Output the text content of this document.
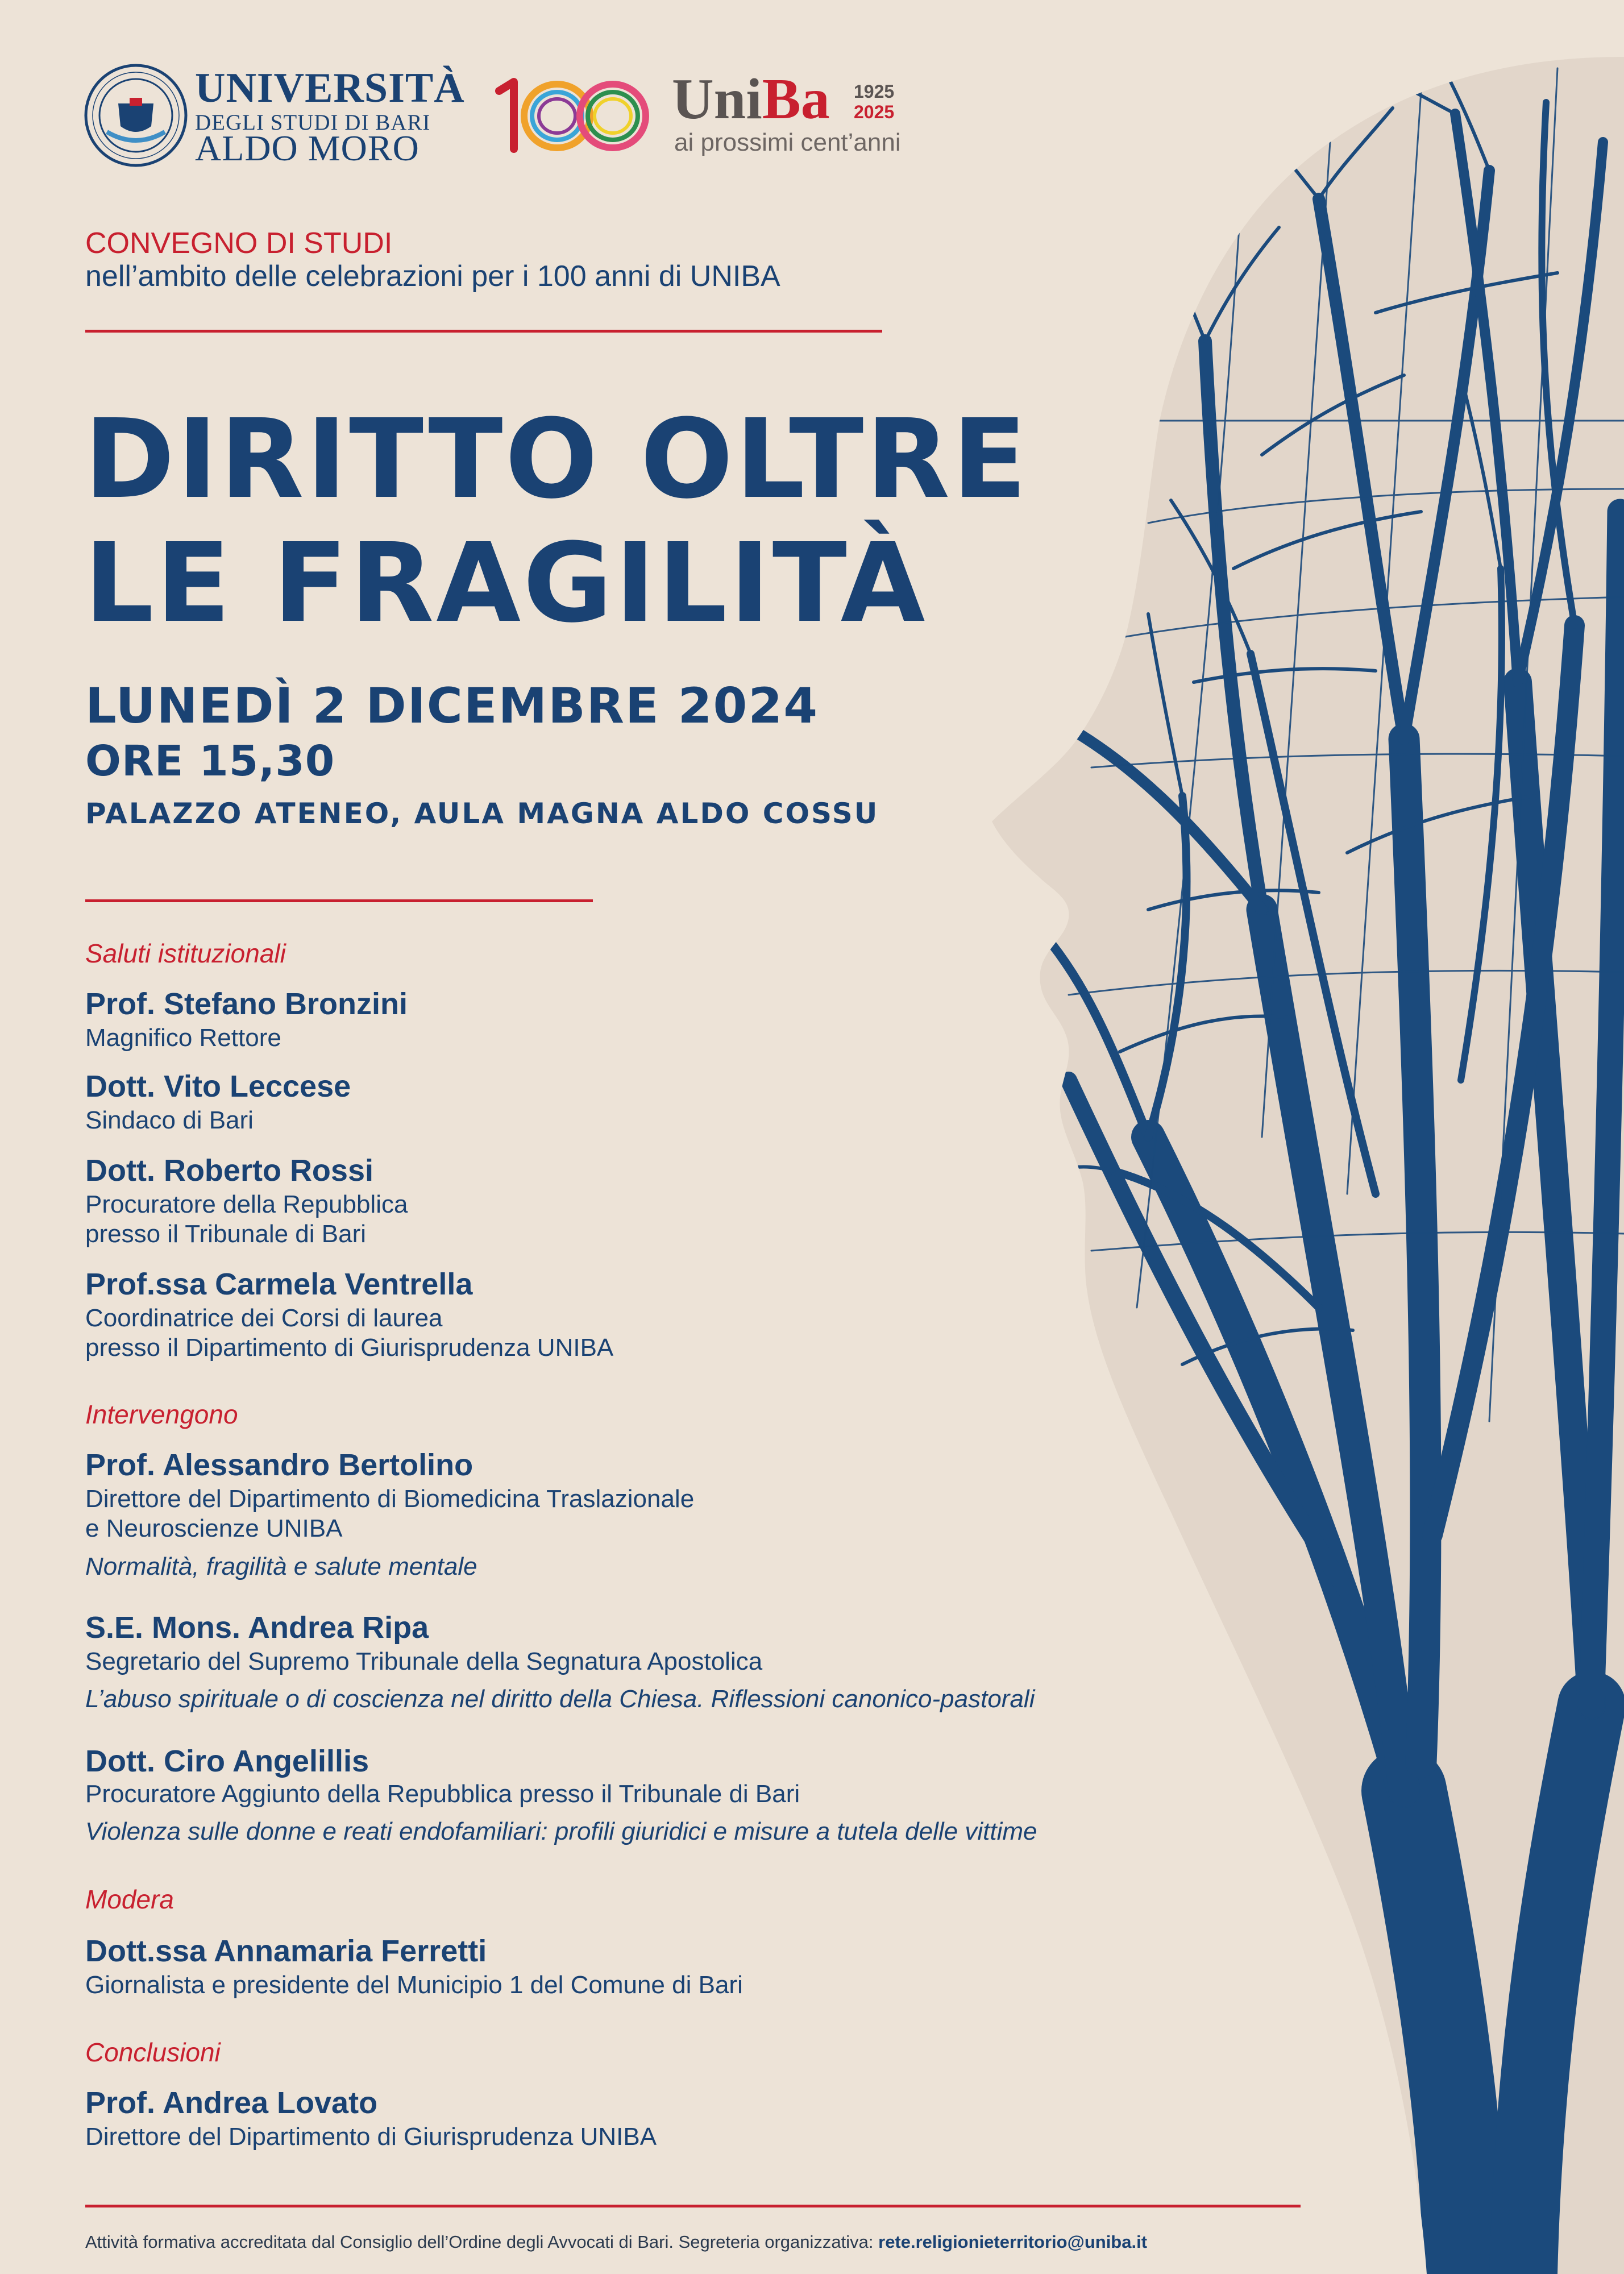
UNIVERSITÀ
DEGLI STUDI DI BARI
ALDO MORO
UniBa 1925
2025
ai prossimi cent’anni
CONVEGNO DI STUDI
nell’ambito delle celebrazioni per i 100 anni di UNIBA
DIRITTO OLTRE
LE FRAGILITÀ
LUNEDÌ 2 DICEMBRE 2024
ORE 15,30
PALAZZO ATENEO, AULA MAGNA ALDO COSSU
Saluti istituzionali
Prof. Stefano Bronzini
Magnifico Rettore
Dott. Vito Leccese
Sindaco di Bari
Dott. Roberto Rossi
Procuratore della Repubblica
presso il Tribunale di Bari
Prof.ssa Carmela Ventrella
Coordinatrice dei Corsi di laurea
presso il Dipartimento di Giurisprudenza UNIBA
Intervengono
Prof. Alessandro Bertolino
Direttore del Dipartimento di Biomedicina Traslazionale
e Neuroscienze UNIBA
Normalità, fragilità e salute mentale
S.E. Mons. Andrea Ripa
Segretario del Supremo Tribunale della Segnatura Apostolica
L’abuso spirituale o di coscienza nel diritto della Chiesa. Riflessioni canonico-pastorali
Dott. Ciro Angelillis
Procuratore Aggiunto della Repubblica presso il Tribunale di Bari
Violenza sulle donne e reati endofamiliari: profili giuridici e misure a tutela delle vittime
Modera
Dott.ssa Annamaria Ferretti
Giornalista e presidente del Municipio 1 del Comune di Bari
Conclusioni
Prof. Andrea Lovato
Direttore del Dipartimento di Giurisprudenza UNIBA
Attività formativa accreditata dal Consiglio dell’Ordine degli Avvocati di Bari. Segreteria organizzativa: rete.religionieterritorio@uniba.it
